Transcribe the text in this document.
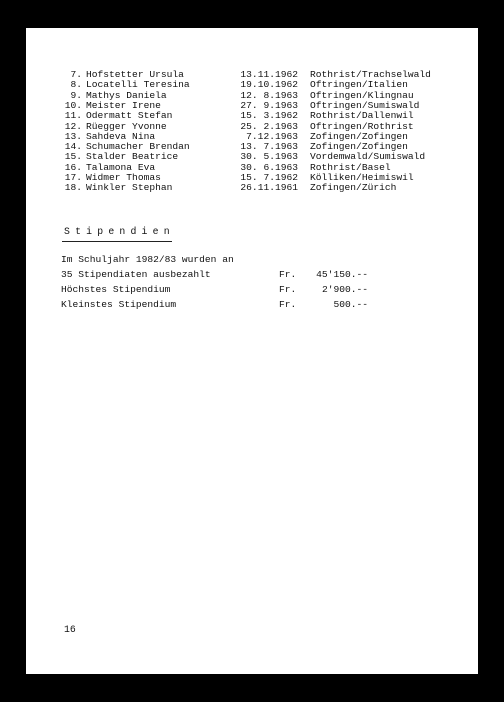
7. Hofstetter Ursula	13.11.1962 Rothrist/Trachselwald
8. Locatelli Teresina	19.10.1962 Oftringen/Italien
9. Mathys Daniela	12. 8.1963 Oftringen/Klingnau
10. Meister Irene	27. 9.1963 Oftringen/Sumiswald
11. Odermatt Stefan	15. 3.1962 Rothrist/Dallenwil
12. Rüegger Yvonne	25. 2.1963 Oftringen/Rothrist
13. Sahdeva Nina	7.12.1963 Zofingen/Zofingen
14. Schumacher Brendan	13. 7.1963 Zofingen/Zofingen
15. Stalder Beatrice	30. 5.1963 Vordemwald/Sumiswald
16. Talamona Eva	30. 6.1963 Rothrist/Basel
17. Widmer Thomas	15. 7.1962 Kölliken/Heimiswil
18. Winkler Stephan	26.11.1961 Zofingen/Zürich
Stipendien
Im Schuljahr 1982/83 wurden an
35 Stipendiaten ausbezahlt	Fr.	45'150.--
Höchstes Stipendium	Fr.	2'900.--
Kleinstes Stipendium	Fr.	500.--
16
